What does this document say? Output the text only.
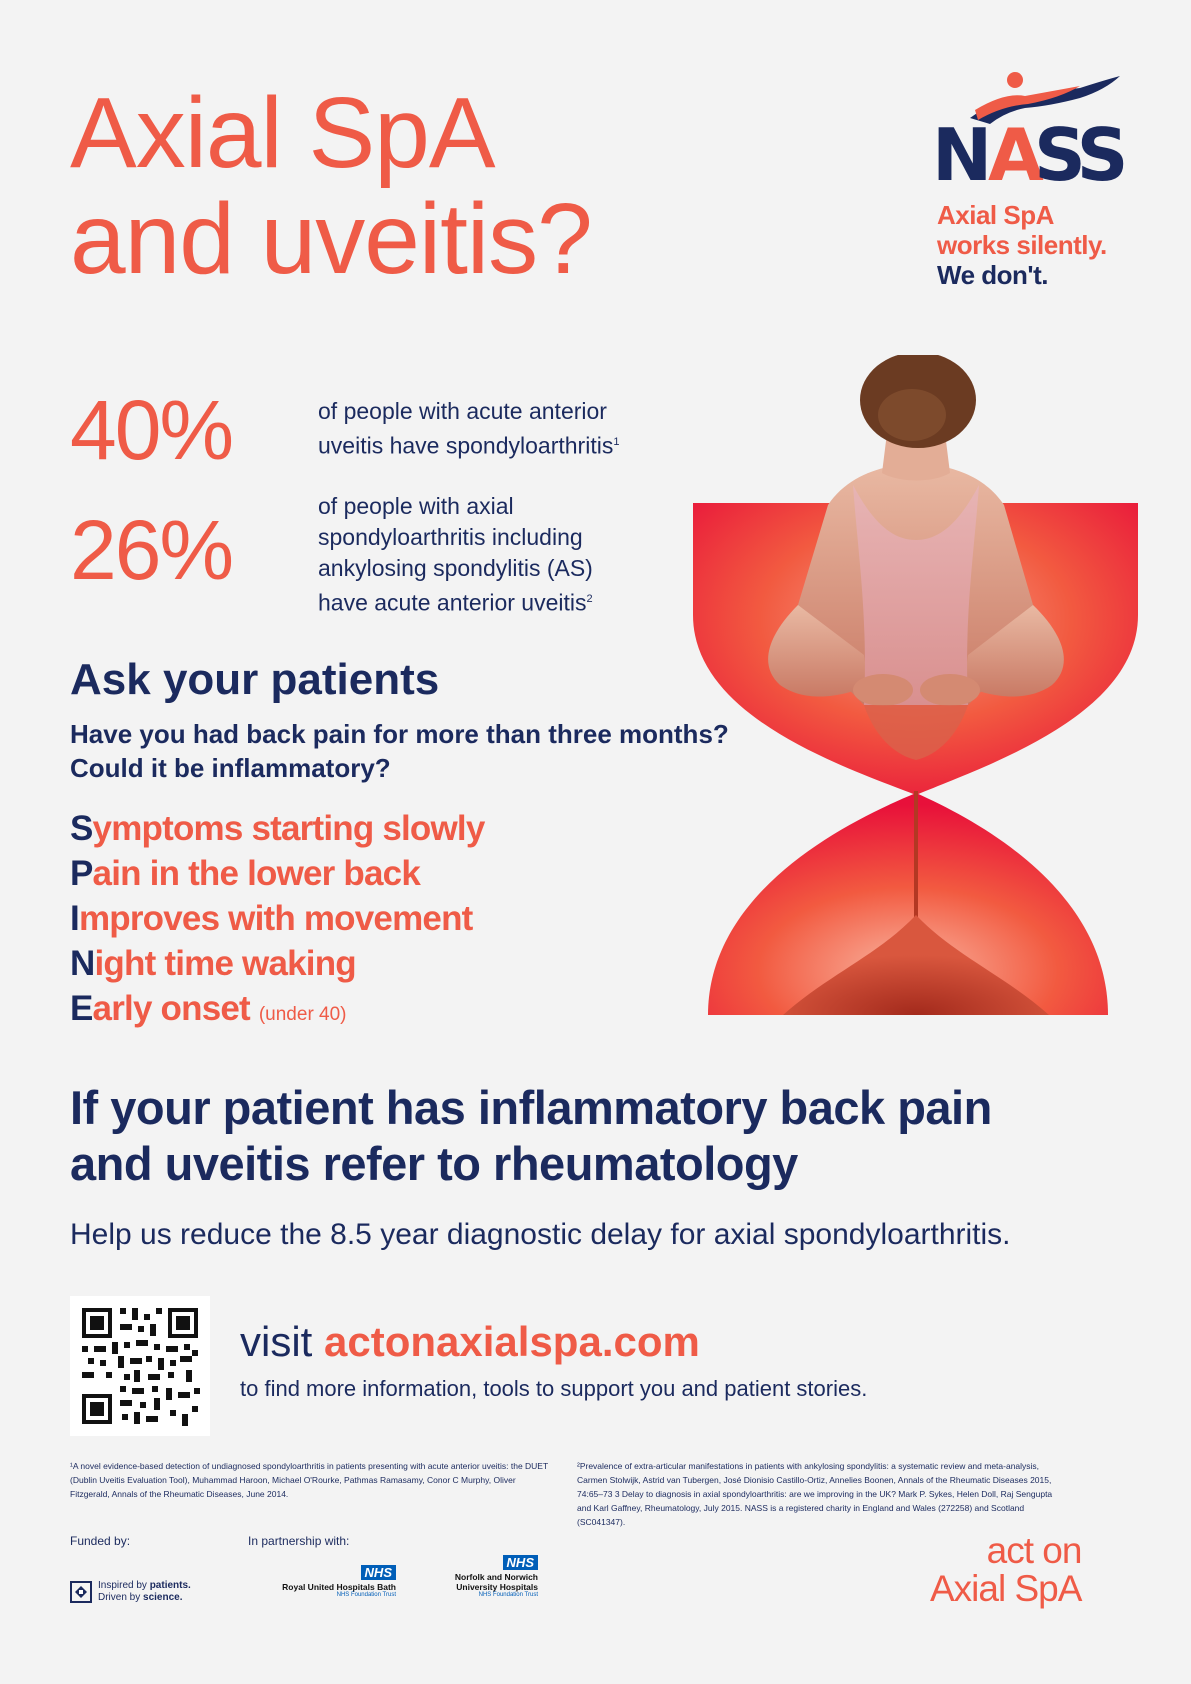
Axial SpA
and uveitis?
N
A
SS
Axial SpA
works silently.
We don't.
40%	of people with acute anterior uveitis have spondyloarthritis$^1$
26%	of people with axial spondyloarthritis including ankylosing spondylitis (AS) have acute anterior uveitis$^2$
Ask your patients
Have you had back pain for more than three months?
Could it be inflammatory?
Symptoms starting slowly
Pain in the lower back
Improves with movement
Night time waking
Early onset (under 40)
If your patient has inflammatory back pain
and uveitis refer to rheumatology
Help us reduce the 8.5 year diagnostic delay for axial spondyloarthritis.
visit actonaxialspa.com
to find more information, tools to support you and patient stories.
¹A novel evidence-based detection of undiagnosed spondyloarthritis in patients presenting with acute anterior uveitis: the DUET (Dublin Uveitis Evaluation Tool), Muhammad Haroon, Michael O'Rourke, Pathmas Ramasamy, Conor C Murphy, Oliver Fitzgerald, Annals of the Rheumatic Diseases, June 2014.
²Prevalence of extra-articular manifestations in patients with ankylosing spondylitis: a systematic review and meta-analysis, Carmen Stolwijk, Astrid van Tubergen, José Dionisio Castillo-Ortiz, Annelies Boonen, Annals of the Rheumatic Diseases 2015, 74:65–73 3 Delay to diagnosis in axial spondyloarthritis: are we improving in the UK? Mark P. Sykes, Helen Doll, Raj Sengupta and Karl Gaffney, Rheumatology, July 2015. NASS is a registered charity in England and Wales (272258) and Scotland (SC041347).
Funded by:	In partnership with:
Inspired by patients.
Driven by science.
NHS
Royal United Hospitals Bath
NHS Foundation Trust
NHS
Norfolk and Norwich
University Hospitals
NHS Foundation Trust
act on
Axial SpA
